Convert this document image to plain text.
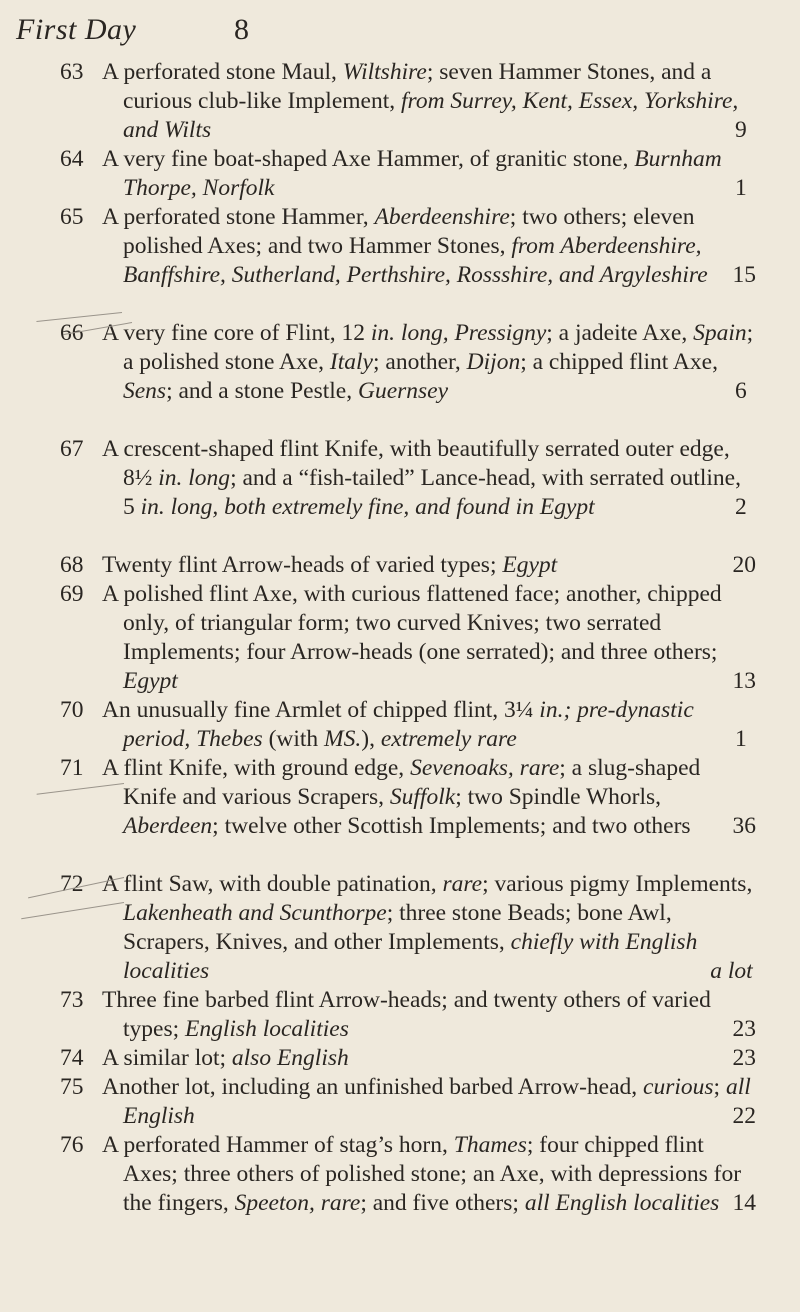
First Day	8
63 A perforated stone Maul, Wiltshire; seven Hammer Stones, and a curious club-like Implement, from Surrey, Kent, Essex, Yorkshire, and Wilts	9
64 A very fine boat-shaped Axe Hammer, of granitic stone, Burnham Thorpe, Norfolk	1
65 A perforated stone Hammer, Aberdeenshire; two others; eleven polished Axes; and two Hammer Stones, from Aberdeenshire, Banffshire, Sutherland, Perthshire, Rossshire, and Argyleshire 15
66 A very fine core of Flint, 12 in. long, Pressigny; a jadeite Axe, Spain; a polished stone Axe, Italy; another, Dijon; a chipped flint Axe, Sens; and a stone Pestle, Guernsey	6
67 A crescent-shaped flint Knife, with beautifully serrated outer edge, 8½ in. long; and a “fish-tailed” Lance-head, with serrated outline, 5 in. long, both extremely fine, and found in Egypt	2
68 Twenty flint Arrow-heads of varied types; Egypt	20
69 A polished flint Axe, with curious flattened face; another, chipped only, of triangular form; two curved Knives; two serrated Implements; four Arrow-heads (one serrated); and three others; Egypt	13
70 An unusually fine Armlet of chipped flint, 3¼ in.; pre-dynastic period, Thebes (with MS.), extremely rare	1
71 A flint Knife, with ground edge, Sevenoaks, rare; a slug-shaped Knife and various Scrapers, Suffolk; two Spindle Whorls, Aberdeen; twelve other Scottish Implements; and two others 36
72 A flint Saw, with double patination, rare; various pigmy Implements, Lakenheath and Scunthorpe; three stone Beads; bone Awl, Scrapers, Knives, and other Implements, chiefly with English localities	a lot
73 Three fine barbed flint Arrow-heads; and twenty others of varied types; English localities	23
74 A similar lot; also English	23
75 Another lot, including an unfinished barbed Arrow-head, curious; all English	22
76 A perforated Hammer of stag’s horn, Thames; four chipped flint Axes; three others of polished stone; an Axe, with depressions for the fingers, Speeton, rare; and five others; all English localities 14
